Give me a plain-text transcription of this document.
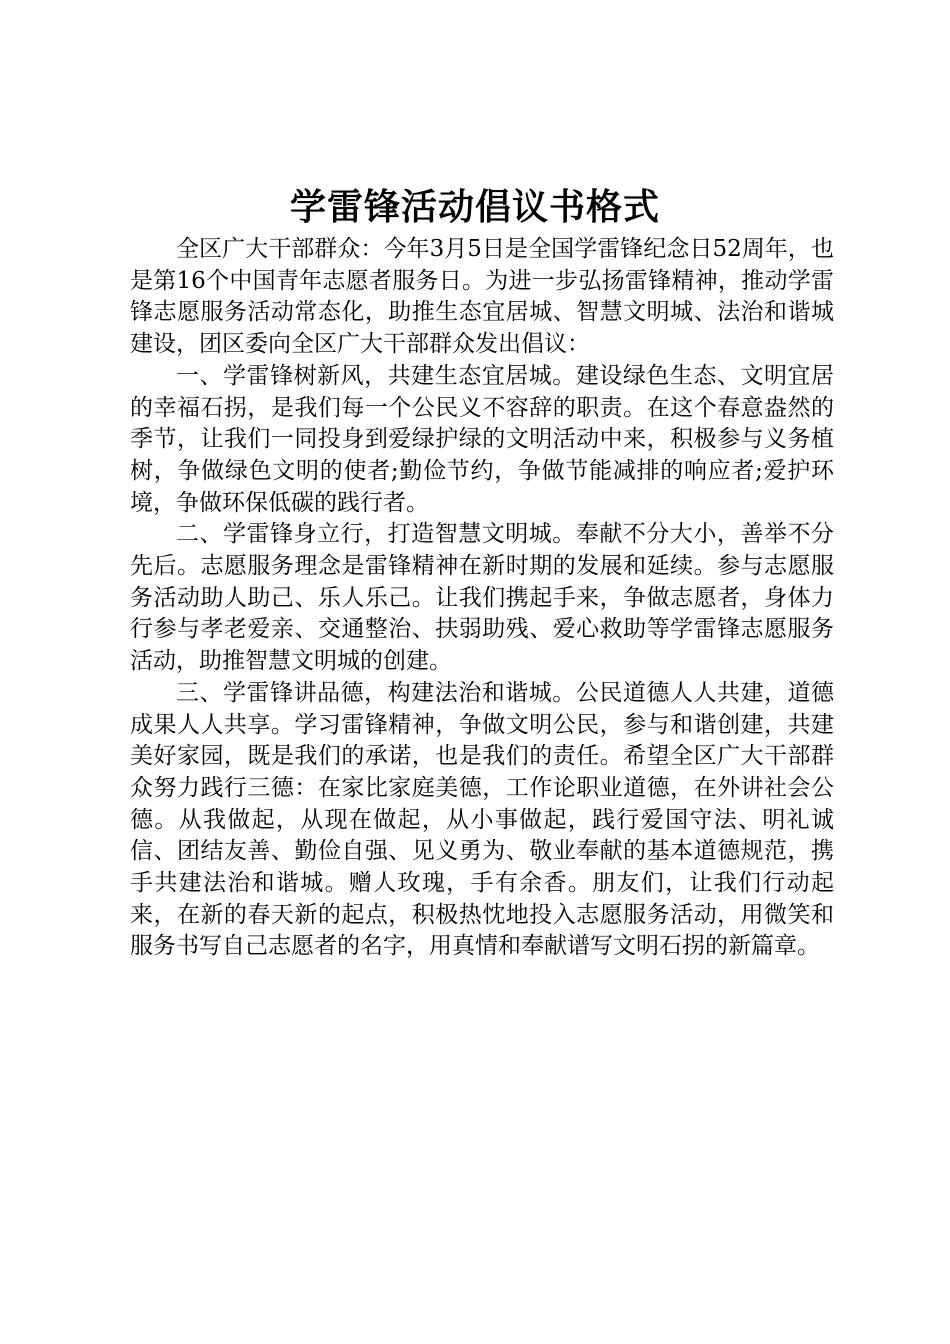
学雷锋活动倡议书格式

全区广大干部群众：今年3月5日是全国学雷锋纪念日52周年，也是第16个中国青年志愿者服务日。为进一步弘扬雷锋精神，推动学雷锋志愿服务活动常态化，助推生态宜居城、智慧文明城、法治和谐城建设，团区委向全区广大干部群众发出倡议：

一、学雷锋树新风，共建生态宜居城。建设绿色生态、文明宜居的幸福石拐，是我们每一个公民义不容辞的职责。在这个春意盎然的季节，让我们一同投身到爱绿护绿的文明活动中来，积极参与义务植树，争做绿色文明的使者;勤俭节约，争做节能减排的响应者;爱护环境，争做环保低碳的践行者。

二、学雷锋身立行，打造智慧文明城。奉献不分大小，善举不分先后。志愿服务理念是雷锋精神在新时期的发展和延续。参与志愿服务活动助人助己、乐人乐己。让我们携起手来，争做志愿者，身体力行参与孝老爱亲、交通整治、扶弱助残、爱心救助等学雷锋志愿服务活动，助推智慧文明城的创建。

三、学雷锋讲品德，构建法治和谐城。公民道德人人共建，道德成果人人共享。学习雷锋精神，争做文明公民，参与和谐创建，共建美好家园，既是我们的承诺，也是我们的责任。希望全区广大干部群众努力践行三德：在家比家庭美德，工作论职业道德，在外讲社会公德。从我做起，从现在做起，从小事做起，践行爱国守法、明礼诚信、团结友善、勤俭自强、见义勇为、敬业奉献的基本道德规范，携手共建法治和谐城。赠人玫瑰，手有余香。朋友们，让我们行动起来，在新的春天新的起点，积极热忱地投入志愿服务活动，用微笑和服务书写自己志愿者的名字，用真情和奉献谱写文明石拐的新篇章。
